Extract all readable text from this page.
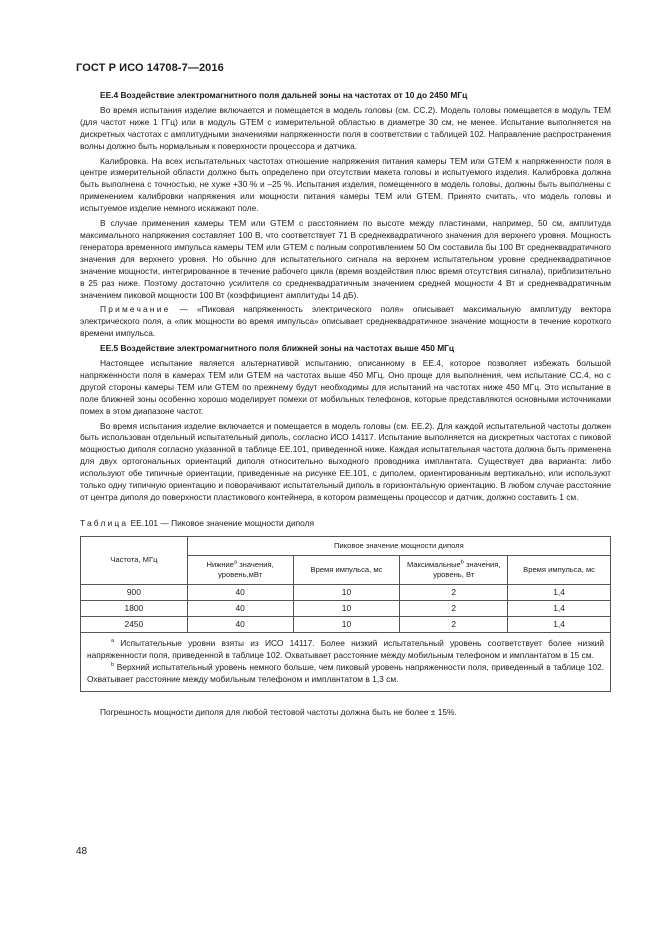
ГОСТ Р ИСО 14708-7—2016
ЕЕ.4 Воздействие электромагнитного поля дальней зоны на частотах от 10 до 2450 МГц
Во время испытания изделие включается и помещается в модель головы (см. СС.2). Модель головы помещается в модуль ТЕМ (для частот ниже 1 ГГц) или в модуль GTEM с измерительной областью в диаметре 30 см, не менее. Испытание выполняется на дискретных частотах с амплитудными значениями напряженности поля в соответствии с таблицей 102. Направление распространения волны должно быть нормальным к поверхности процессора и датчика.
Калибровка. На всех испытательных частотах отношение напряжения питания камеры ТЕМ или GTEM к напряженности поля в центре измерительной области должно быть определено при отсутствии макета головы и испытуемого изделия. Калибровка должна быть выполнена с точностью, не хуже +30 % и –25 %. Испытания изделия, помещенного в модель головы, должны быть выполнены с применением калибровки напряжения или мощности питания камеры ТЕМ или GTEM. Принято считать, что модель головы и испытуемое изделие немного искажают поле.
В случае применения камеры ТЕМ или GTEM с расстоянием по высоте между пластинами, например, 50 см, амплитуда максимального напряжения составляет 100 В, что соответствует 71 В среднеквадратичного значения для верхнего уровня. Мощность генератора временного импульса камеры ТЕМ или GTEM с полным сопротивлением 50 Ом составила бы 100 Вт среднеквадратичного значения для верхнего уровня. Но обычно для испытательного сигнала на верхнем испытательном уровне среднеквадратичное значение мощности, интегрированное в течение рабочего цикла (время воздействия плюс время отсутствия сигнала), приблизительно в 25 раз ниже. Поэтому достаточно усилителя со среднеквадратичным значением средней мощности 4 Вт и среднеквадратичным значением пиковой мощности 100 Вт (коэффициент амплитуды 14 дБ).
Примечание — «Пиковая напряженность электрического поля» описывает максимальную амплитуду вектора электрического поля, а «пик мощности во время импульса» описывает среднеквадратичное значение мощности в течение короткого времени импульса.
ЕЕ.5 Воздействие электромагнитного поля ближней зоны на частотах выше 450 МГц
Настоящее испытание является альтернативой испытанию, описанному в ЕЕ.4, которое позволяет избежать большой напряженности поля в камерах ТЕМ или GTEM на частотах выше 450 МГц. Оно проще для выполнения, чем испытание СС.4, но с другой стороны камеры ТЕМ или GTEM по прежнему будут необходимы для испытаний на частотах ниже 450 МГц. Это испытание в поле ближней зоны особенно хорошо моделирует помехи от мобильных телефонов, которые представляются основными источниками помех в этом диапазоне частот.
Во время испытания изделие включается и помещается в модель головы (см. ЕЕ.2). Для каждой испытательной частоты должен быть использован отдельный испытательный диполь, согласно ИСО 14117. Испытание выполняется на дискретных частотах с пиковой мощностью диполя согласно указанной в таблице ЕЕ.101, приведенной ниже. Каждая испытательная частота должна быть применена для двух ортогональных ориентаций диполя относительно выходного проводника имплантата. Существует два варианта: либо используют обе типичные ориентации, приведенные на рисунке ЕЕ.101, с диполем, ориентированным вертикально, или используют только одну типичную ориентацию и поворачивают испытательный диполь в горизонтальную ориентацию. В любом случае расстояние от центра диполя до поверхности пластикового контейнера, в котором размещены процессор и датчик, должно составить 1 см.
Таблица ЕЕ.101 — Пиковое значение мощности диполя
Частота, МГц	Пиковое значение мощности диполя			
	Нижние$^a$ значения, уровень,мВт	Время импульса, мс	Максимальные$^b$ значения, уровень, Вт	Время импульса, мс
900	40	10	2	1,4
1800	40	10	2	1,4
2450	40	10	2	1,4

$^a$ Испытательные уровни взяты из ИСО 14117. Более низкий испытательный уровень соответствует более низкий напряженности поля, приведенной в таблице 102. Охватывает расстояние между мобильным телефоном и имплантатом в 15 см.

$^b$ Верхний испытательный уровень немного больше, чем пиковый уровень напряженности поля, приведенный в таблице 102. Охватывает расстояние между мобильным телефоном и имплантатом в 1,3 см.				

Погрешность мощности диполя для любой тестовой частоты должна быть не более ± 15%.
48
